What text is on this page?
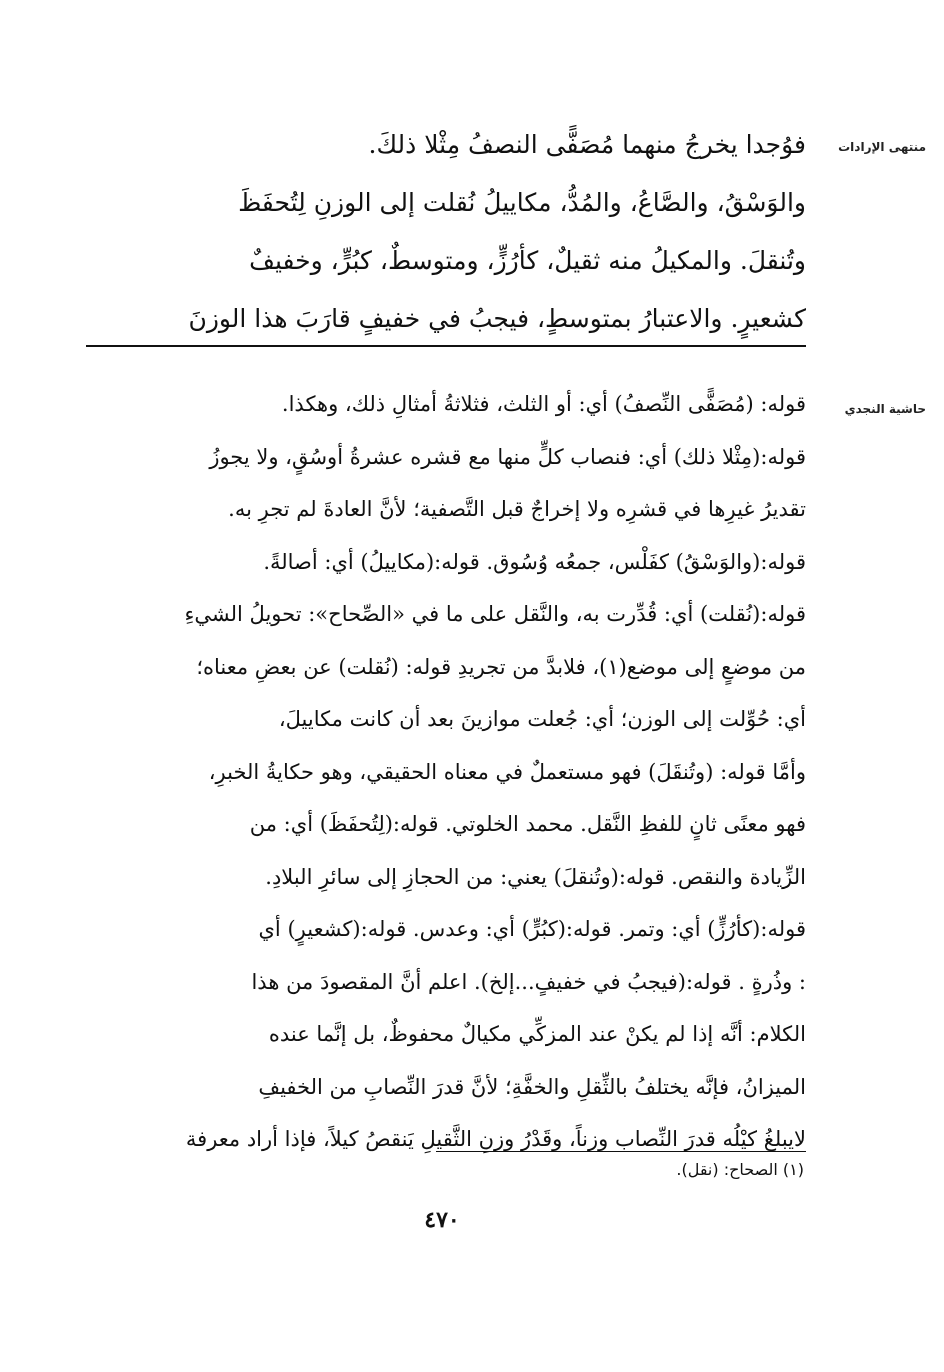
منتهى الإرادات
فوُجدا يخرجُ منهما مُصَفًّى النصفُ مِثْلا ذلكَ.
والوَسْقُ، والصَّاعُ، والمُدُّ، مكاييلُ نُقلت إلى الوزنِ لِتُحفَظَ
وتُنقلَ. والمكيلُ منه ثقيلٌ، كأرُزٍّ، ومتوسطٌ، كبُرٍّ، وخفيفٌ
كشعيرٍ. والاعتبارُ بمتوسطٍ، فيجبُ في خفيفٍ قارَبَ هذا الوزنَ
حاشية النجدي
قوله: (مُصَفًّى النِّصفُ) أي: أو الثلث، فثلاثةُ أمثالِ ذلك، وهكذا.
قوله:(مِثْلا ذلك) أي: فنصاب كلٍّ منها مع قشره عشرةُ أوسُقٍ، ولا يجوزُ
تقديرُ غيرِها في قشرِه ولا إخراجٌ قبل التَّصفية؛ لأنَّ العادةَ لم تجرِ به.
قوله:(والوَسْقُ) كفَلْس، جمعُه وُسُوق. قوله:(مكاييلُ) أي: أصالةً.
قوله:(نُقلت) أي: قُدِّرت به، والنَّقل على ما في «الصِّحاح»: تحويلُ الشيءِ
من موضعٍ إلى موضع(١)، فلابدَّ من تجريدِ قوله: (نُقلت) عن بعضِ معناه؛
أي: حُوِّلت إلى الوزن؛ أي: جُعلت موازينَ بعد أن كانت مكاييلَ،
وأمَّا قوله: (وتُنقَلَ) فهو مستعملٌ في معناه الحقيقي، وهو حكايةُ الخبرِ،
فهو معنًى ثانٍ للفظِ النَّقل. محمد الخلوتي. قوله:(لِتُحفَظَ) أي: من
الزِّيادة والنقص. قوله:(وتُنقلَ) يعني: من الحجازِ إلى سائرِ البلادِ.
قوله:(كأرُزٍّ) أي: وتمر. قوله:(كبُرٍّ) أي: وعدس. قوله:(كشعيرٍ) أي
: وذُرةٍ . قوله:(فيجبُ في خفيفٍ...إلخ). اعلم أنَّ المقصودَ من هذا
الكلام: أنَّه إذا لم يكنْ عند المزكِّي مكيالٌ محفوظٌ، بل إنَّما عنده
الميزانُ، فإنَّه يختلفُ بالثِّقلِ والخفَّةِ؛ لأنَّ قدرَ النِّصابِ من الخفيفِ
لايبلغُ كيْلُه قدرَ النِّصاب وزناً، وقَدْرُ وزنِ الثَّقيلِ يَنقصُ كيلاً، فإذا أراد معرفة
(١) الصحاح: (نقل).
٤٧٠
